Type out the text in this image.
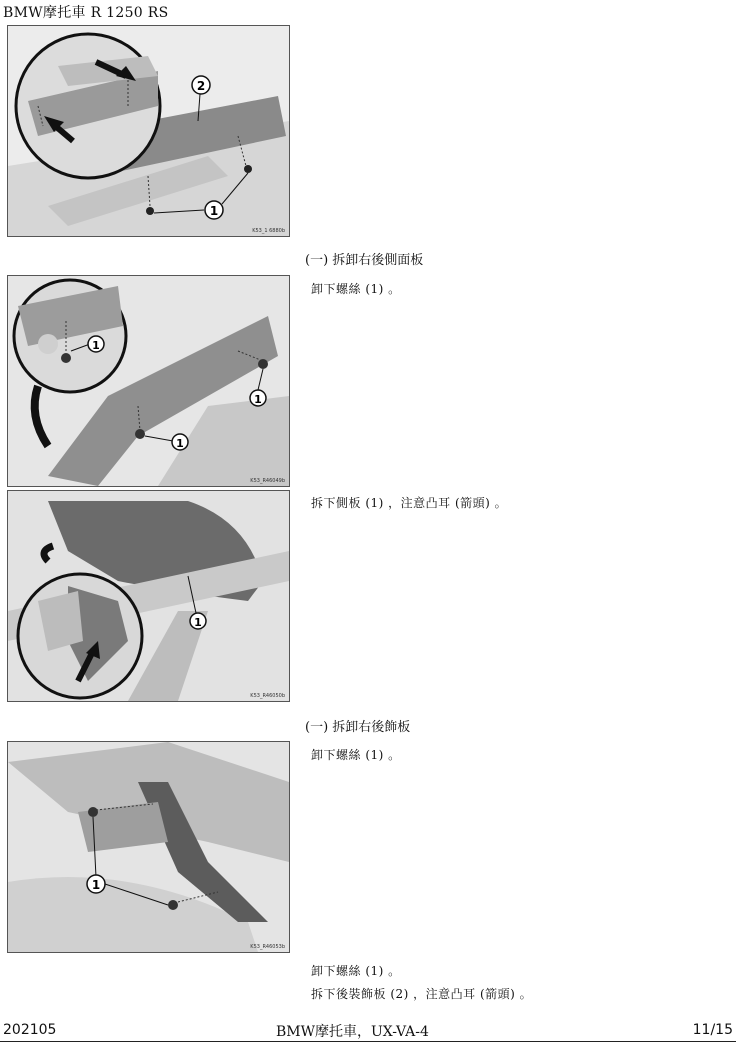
BMW摩托車 R 1250 RS
2
1
K53_1 6880b
(一) 拆卸右後側面板
卸下螺絲 (1) 。
1
1
1
K53_R46049b
拆下側板 (1) ，注意凸耳 (箭頭) 。
1
K53_R46050b
(一) 拆卸右後飾板
卸下螺絲 (1) 。
1
K53_R46053b
卸下螺絲 (1) 。
拆下後裝飾板 (2) ，注意凸耳 (箭頭) 。
202105	BMW摩托車，UX-VA-4	11/15
